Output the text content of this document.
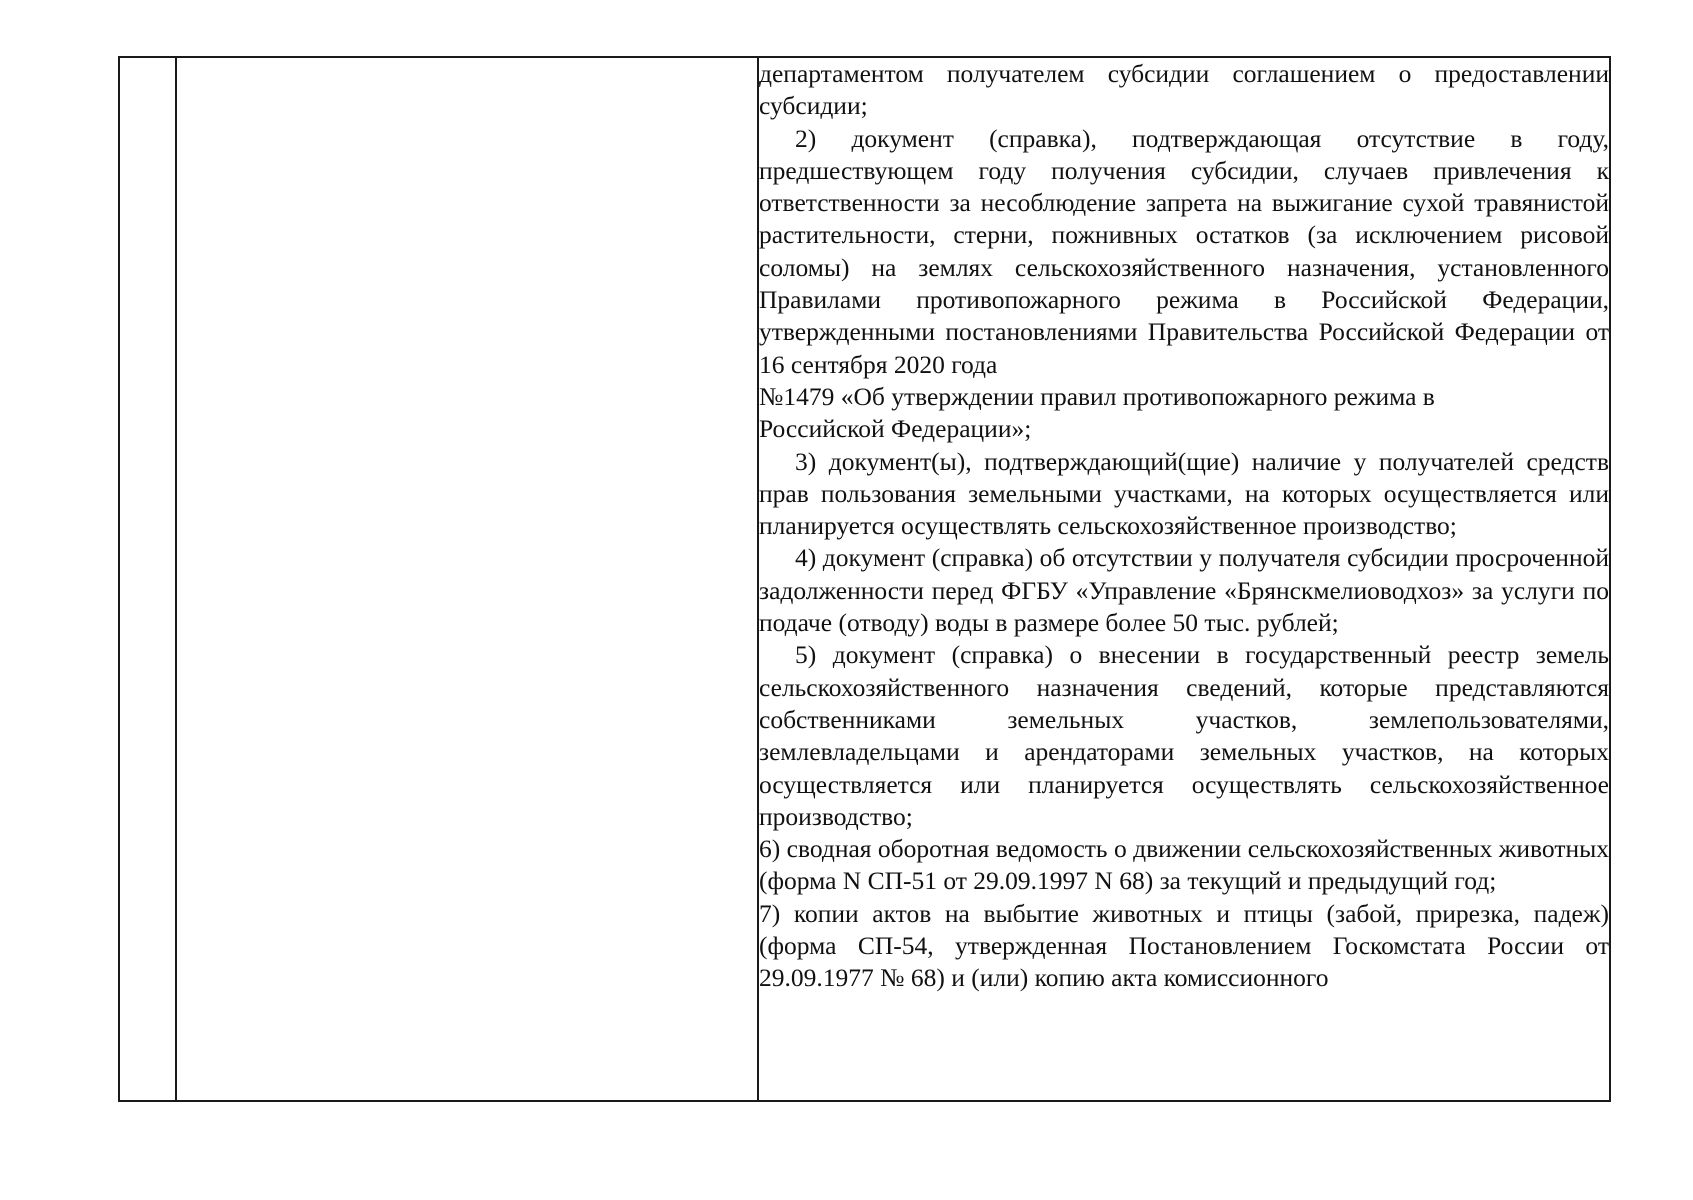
департаментом получателем субсидии соглашением о предоставлении субсидии;

2) документ (справка), подтверждающая отсутствие в году, предшествующем году получения субсидии, случаев привлечения к ответственности за несоблюдение запрета на выжигание сухой травянистой растительности, стерни, пожнивных остатков (за исключением рисовой соломы) на землях сельскохозяйственного назначения, установленного Правилами противопожарного режима в Российской Федерации, утвержденными постановлениями Правительства Российской Федерации от 16 сентября 2020 года

№1479 «Об утверждении правил противопожарного режима в

Российской Федерации»;

3) документ(ы), подтверждающий(щие) наличие у получателей средств прав пользования земельными участками, на которых осуществляется или планируется осуществлять сельскохозяйственное производство;

4) документ (справка) об отсутствии у получателя субсидии просроченной задолженности перед ФГБУ «Управление «Брянскмелиоводхоз» за услуги по подаче (отводу) воды в размере более 50 тыс. рублей;

5) документ (справка) о внесении в государственный реестр земель сельскохозяйственного назначения сведений, которые представляются собственниками земельных участков, землепользователями, землевладельцами и арендаторами земельных участков, на которых осуществляется или планируется осуществлять сельскохозяйственное производство;

6) сводная оборотная ведомость о движении сельскохозяйственных животных (форма N СП-51 от 29.09.1997 N 68) за текущий и предыдущий год;

7) копии актов на выбытие животных и птицы (забой, прирезка, падеж) (форма СП-54, утвержденная Постановлением Госкомстата России от 29.09.1977 № 68) и (или) копию акта комиссионного
